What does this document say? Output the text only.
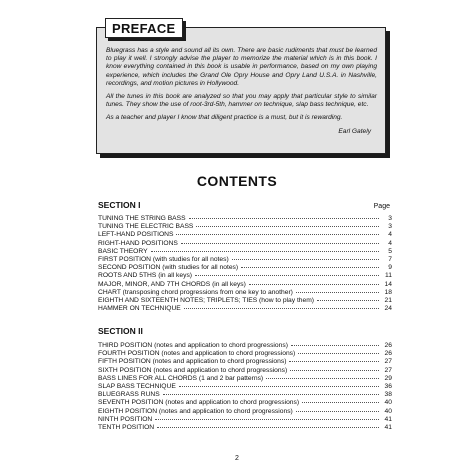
Bluegrass has a style and sound all its own. There are basic rudiments that must be learned to play it well. I strongly advise the player to memorize the material which is in this book. I know everything contained in this book is usable in performance, based on my own playing experience, which includes the Grand Ole Opry House and Opry Land U.S.A. in Nashville, recordings, and motion pictures in Hollywood.

All the tunes in this book are analyzed so that you may apply that particular style to similar tunes. They show the use of root-3rd-5th, hammer on technique, slap bass technique, etc.

As a teacher and player I know that diligent practice is a must, but it is rewarding.

Earl Gately
PREFACE
CONTENTS
SECTION I	Page
TUNING THE STRING BASS	3
TUNING THE ELECTRIC BASS	3
LEFT-HAND POSITIONS	4
RIGHT-HAND POSITIONS	4
BASIC THEORY	5
FIRST POSITION (with studies for all notes)	7
SECOND POSITION (with studies for all notes)	9
ROOTS AND 5THS (in all keys)	11
MAJOR, MINOR, AND 7TH CHORDS (in all keys)	14
CHART (transposing chord progressions from one key to another)	18
EIGHTH AND SIXTEENTH NOTES; TRIPLETS; TIES (how to play them)	21
HAMMER ON TECHNIQUE	24
SECTION II
THIRD POSITION (notes and application to chord progressions)	26
FOURTH POSITION (notes and application to chord progressions)	26
FIFTH POSITION (notes and application to chord progressions)	27
SIXTH POSITION (notes and application to chord progressions)	27
BASS LINES FOR ALL CHORDS (1 and 2 bar patterns)	29
SLAP BASS TECHNIQUE	36
BLUEGRASS RUNS	38
SEVENTH POSITION (notes and application to chord progressions)	40
EIGHTH POSITION (notes and application to chord progressions)	40
NINTH POSITION	41
TENTH POSITION	41
2
